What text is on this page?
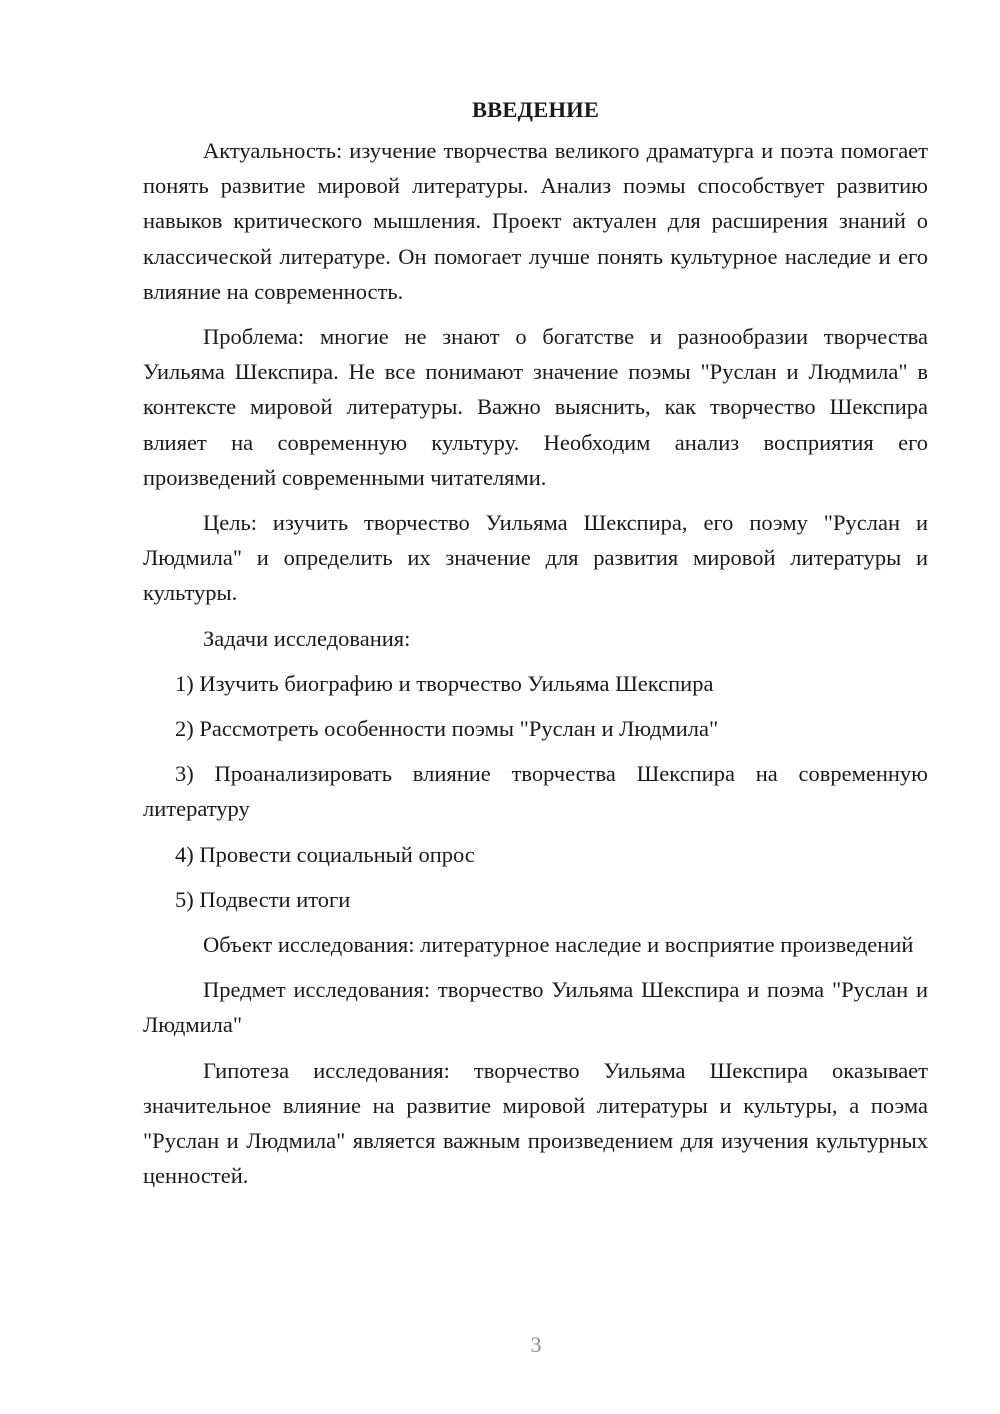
ВВЕДЕНИЕ

Актуальность: изучение творчества великого драматурга и поэта помогает понять развитие мировой литературы. Анализ поэмы способствует развитию навыков критического мышления. Проект актуален для расширения знаний о классической литературе. Он помогает лучше понять культурное наследие и его влияние на современность.

Проблема: многие не знают о богатстве и разнообразии творчества Уильяма Шекспира. Не все понимают значение поэмы "Руслан и Людмила" в контексте мировой литературы. Важно выяснить, как творчество Шекспира влияет на современную культуру. Необходим анализ восприятия его произведений современными читателями.

Цель: изучить творчество Уильяма Шекспира, его поэму "Руслан и Людмила" и определить их значение для развития мировой литературы и культуры.

Задачи исследования:

1) Изучить биографию и творчество Уильяма Шекспира

2) Рассмотреть особенности поэмы "Руслан и Людмила"

3) Проанализировать влияние творчества Шекспира на современную литературу

4) Провести социальный опрос

5) Подвести итоги

Объект исследования: литературное наследие и восприятие произведений

Предмет исследования: творчество Уильяма Шекспира и поэма "Руслан и Людмила"

Гипотеза исследования: творчество Уильяма Шекспира оказывает значительное влияние на развитие мировой литературы и культуры, а поэма "Руслан и Людмила" является важным произведением для изучения культурных ценностей.

3
